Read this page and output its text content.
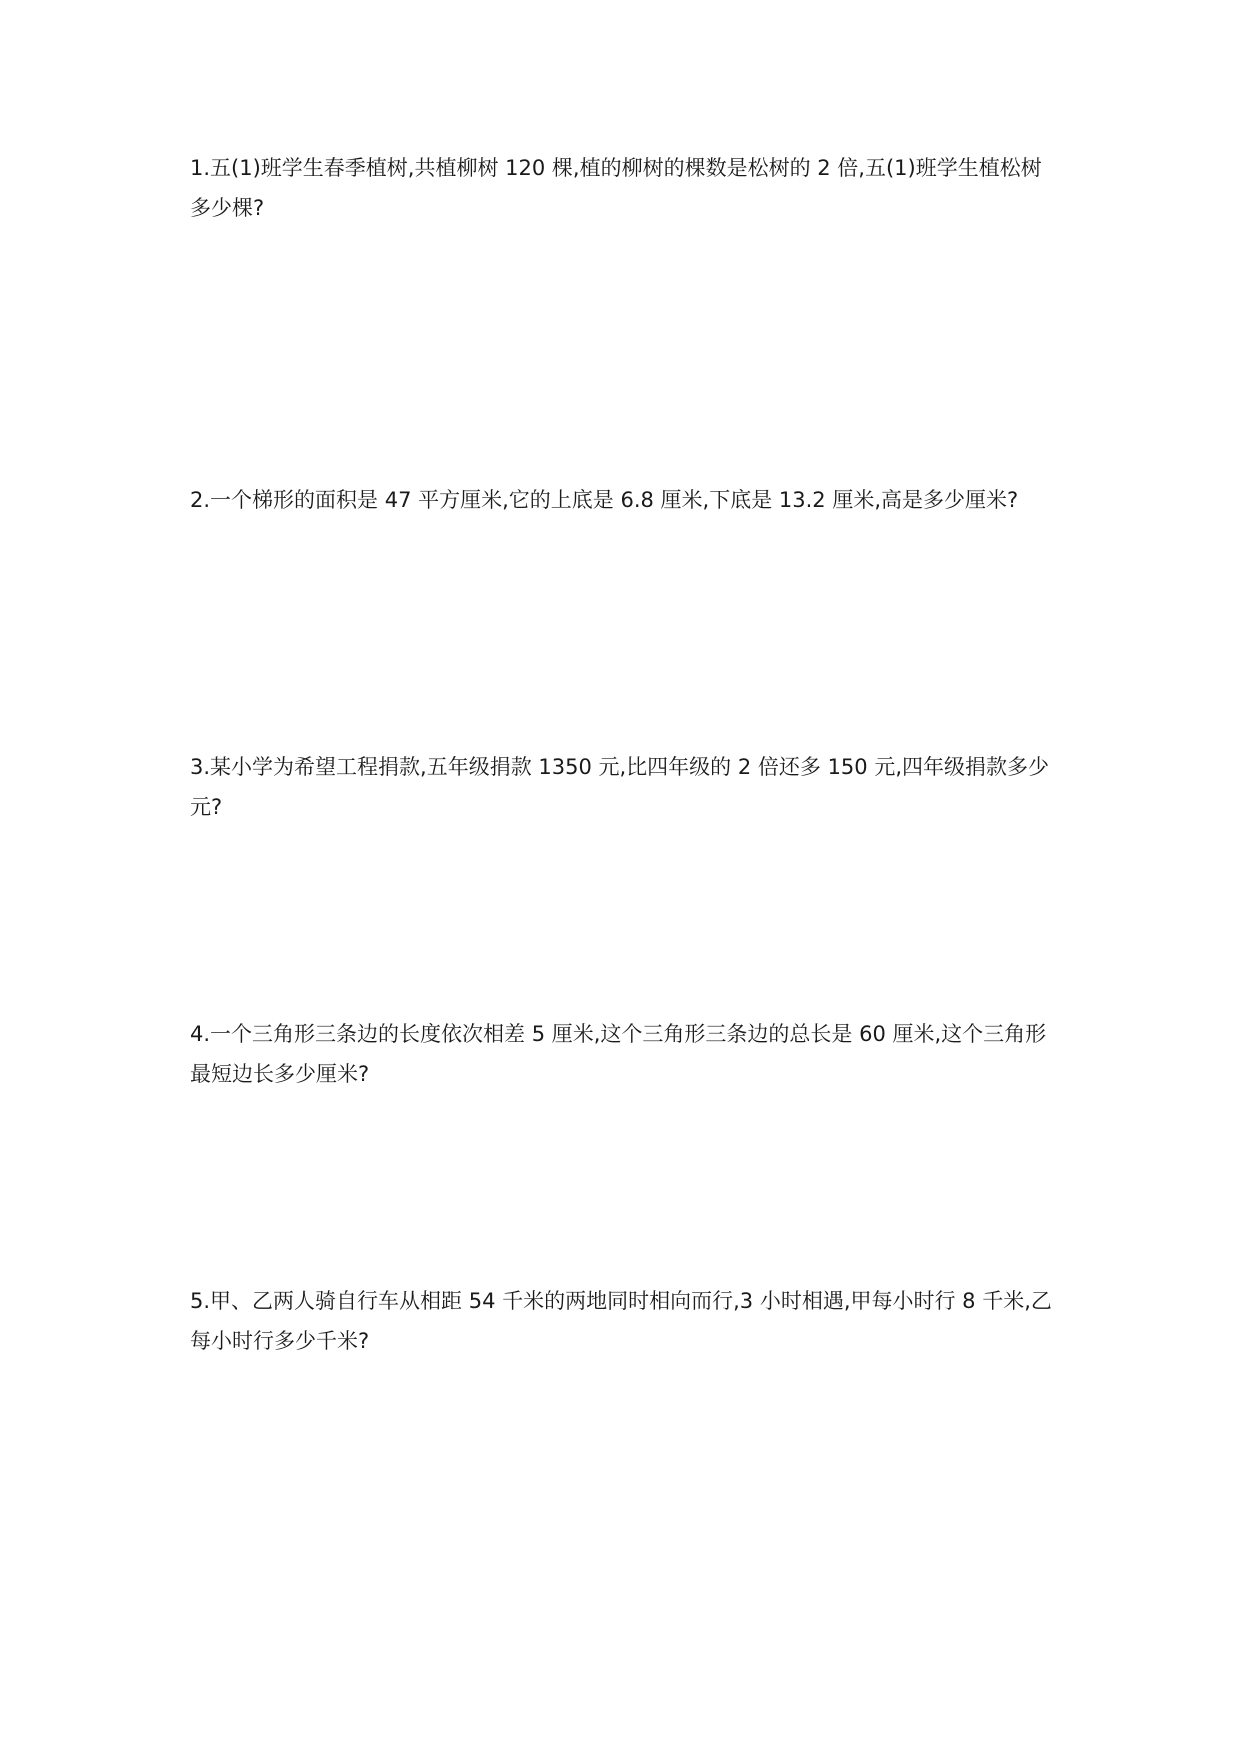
1.五(1)班学生春季植树,共植柳树 120 棵,植的柳树的棵数是松树的 2 倍,五(1)班学生植松树多少棵?
2.一个梯形的面积是 47 平方厘米,它的上底是 6.8 厘米,下底是 13.2 厘米,高是多少厘米?
3.某小学为希望工程捐款,五年级捐款 1350 元,比四年级的 2 倍还多 150 元,四年级捐款多少元?
4.一个三角形三条边的长度依次相差 5 厘米,这个三角形三条边的总长是 60 厘米,这个三角形最短边长多少厘米?
5.甲、乙两人骑自行车从相距 54 千米的两地同时相向而行,3 小时相遇,甲每小时行 8 千米,乙每小时行多少千米?
